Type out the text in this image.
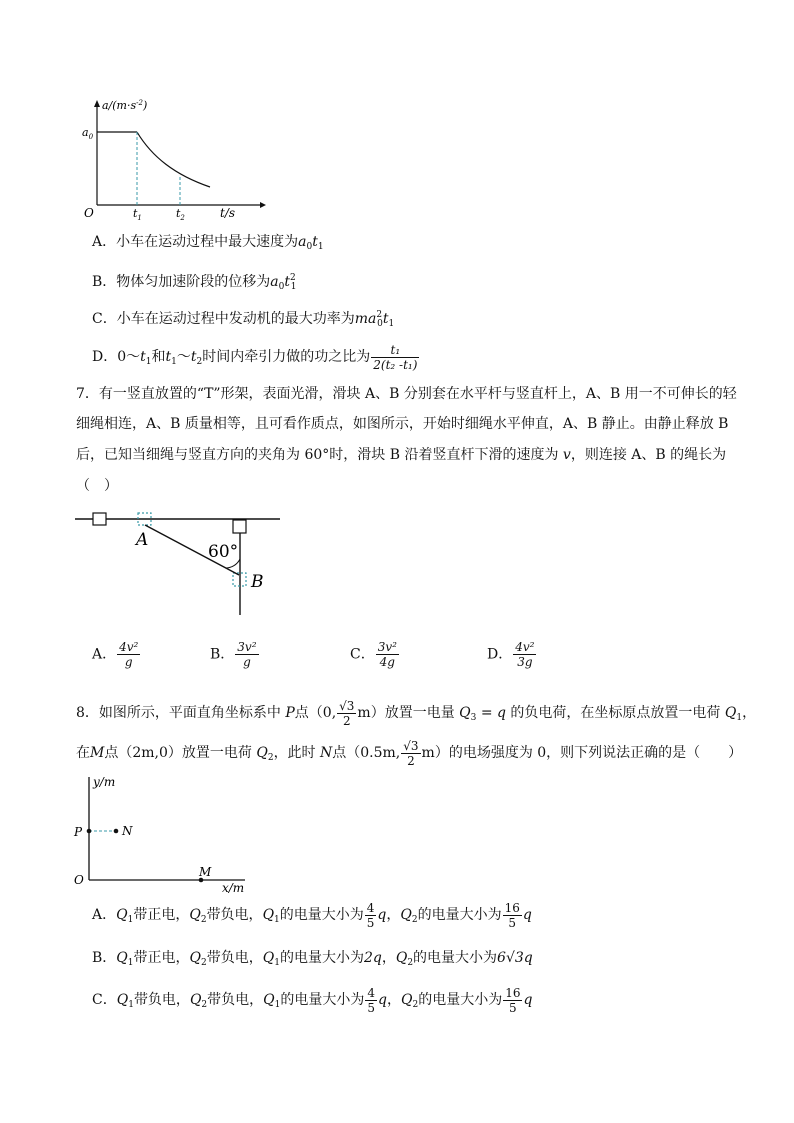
$a/(m\cdot s^{-2})$
$a_0$
O	$t_1$	$t_2$	t/s
A．小车在运动过程中最大速度为$a_0t_1$
B．物体匀加速阶段的位移为$a_0t^2_1$
C．小车在运动过程中发动机的最大功率为$ma^2_0t_1$
D．$0\sim t_1$和$t_1\sim t_2$时间内牵引力做的功之比为 $\frac{\text{t₁}}{\text{2(t₂ -t₁)}}$
7．有一竖直放置的“T”形架，表面光滑，滑块 A、B 分别套在水平杆与竖直杆上，A、B 用一不可伸长的轻
细绳相连，A、B 质量相等，且可看作质点，如图所示，开始时细绳水平伸直，A、B 静止。由静止释放 B
后，已知当细绳与竖直方向的夹角为 60°时，滑块 B 沿着竖直杆下滑的速度为 v，则连接 A、B 的绳长为
（　）
60°
A
B
A． $\frac{\text{4v²}}{g}$	B． $\frac{\text{3v²}}{g}$	C． $\frac{\text{3v²}}{4g}$	D． $\frac{\text{4v²}}{3g}$
8．如图所示，平面直角坐标系中 P点（0, $\frac{√3}{2} m$）放置一电量 $Q_3 = q$ 的负电荷，在坐标原点放置一电荷 $Q_1$，
在M点（2m,0）放置一电荷 $Q_2$，此时 N点（0.5m, $\frac{√3}{2} m$）的电场强度为 0，则下列说法正确的是（　　）
y/m
x/m
P	N
O
M
A．$Q_1$带正电，$Q_2$带负电，$Q_1$的电量大小为 $\frac{4}{5}$ q，$Q_2$的电量大小为 $\frac{16}{5}$ q
B．$Q_1$带正电，$Q_2$带负电，$Q_1$的电量大小为2q，$Q_2$的电量大小为6√3q
C．$Q_1$带负电，$Q_2$带负电，$Q_1$的电量大小为 $\frac{4}{5}$ q，$Q_2$的电量大小为 $\frac{16}{5}$ q
